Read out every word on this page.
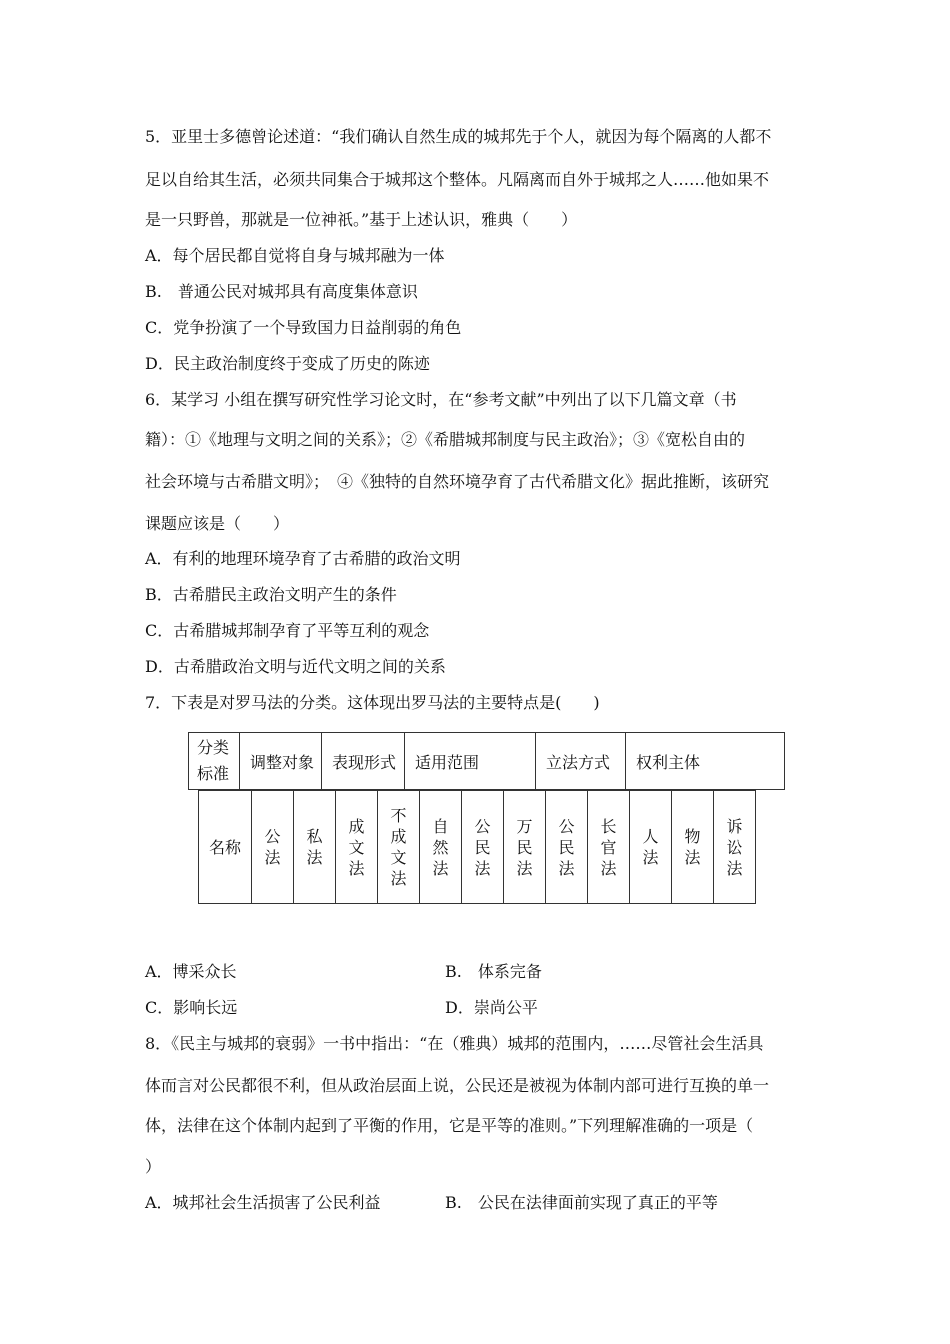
5．亚里士多德曾论述道：“我们确认自然生成的城邦先于个人，就因为每个隔离的人都不
足以自给其生活，必须共同集合于城邦这个整体。凡隔离而自外于城邦之人……他如果不
是一只野兽，那就是一位神祇。”基于上述认识，雅典（　　）
A．每个居民都自觉将自身与城邦融为一体
B.　普通公民对城邦具有高度集体意识
C．党争扮演了一个导致国力日益削弱的角色
D．民主政治制度终于变成了历史的陈迹
6．某学习 小组在撰写研究性学习论文时，在“参考文献”中列出了以下几篇文章（书
籍）：①《地理与文明之间的关系》；②《希腊城邦制度与民主政治》；③《宽松自由的
社会环境与古希腊文明》；　④《独特的自然环境孕育了古代希腊文化》据此推断，该研究
课题应该是（　　）
A．有利的地理环境孕育了古希腊的政治文明
B．古希腊民主政治文明产生的条件
C．古希腊城邦制孕育了平等互利的观念
D．古希腊政治文明与近代文明之间的关系
7．下表是对罗马法的分类。这体现出罗马法的主要特点是(　　)
分类标准	调整对象	表现形式	适用范围	立法方式	权利主体
名称	公法	私法	成文法	不成文法	自然法	公民法	万民法	公民法	长官法	人法	物法	诉讼法
A．博采众长	B.　体系完备
C．影响长远	D．崇尚公平
8．《民主与城邦的衰弱》一书中指出：“在（雅典）城邦的范围内，……尽管社会生活具
体而言对公民都很不利，但从政治层面上说，公民还是被视为体制内部可进行互换的单一
体，法律在这个体制内起到了平衡的作用，它是平等的准则。”下列理解准确的一项是（
）
A．城邦社会生活损害了公民利益	B.　公民在法律面前实现了真正的平等
